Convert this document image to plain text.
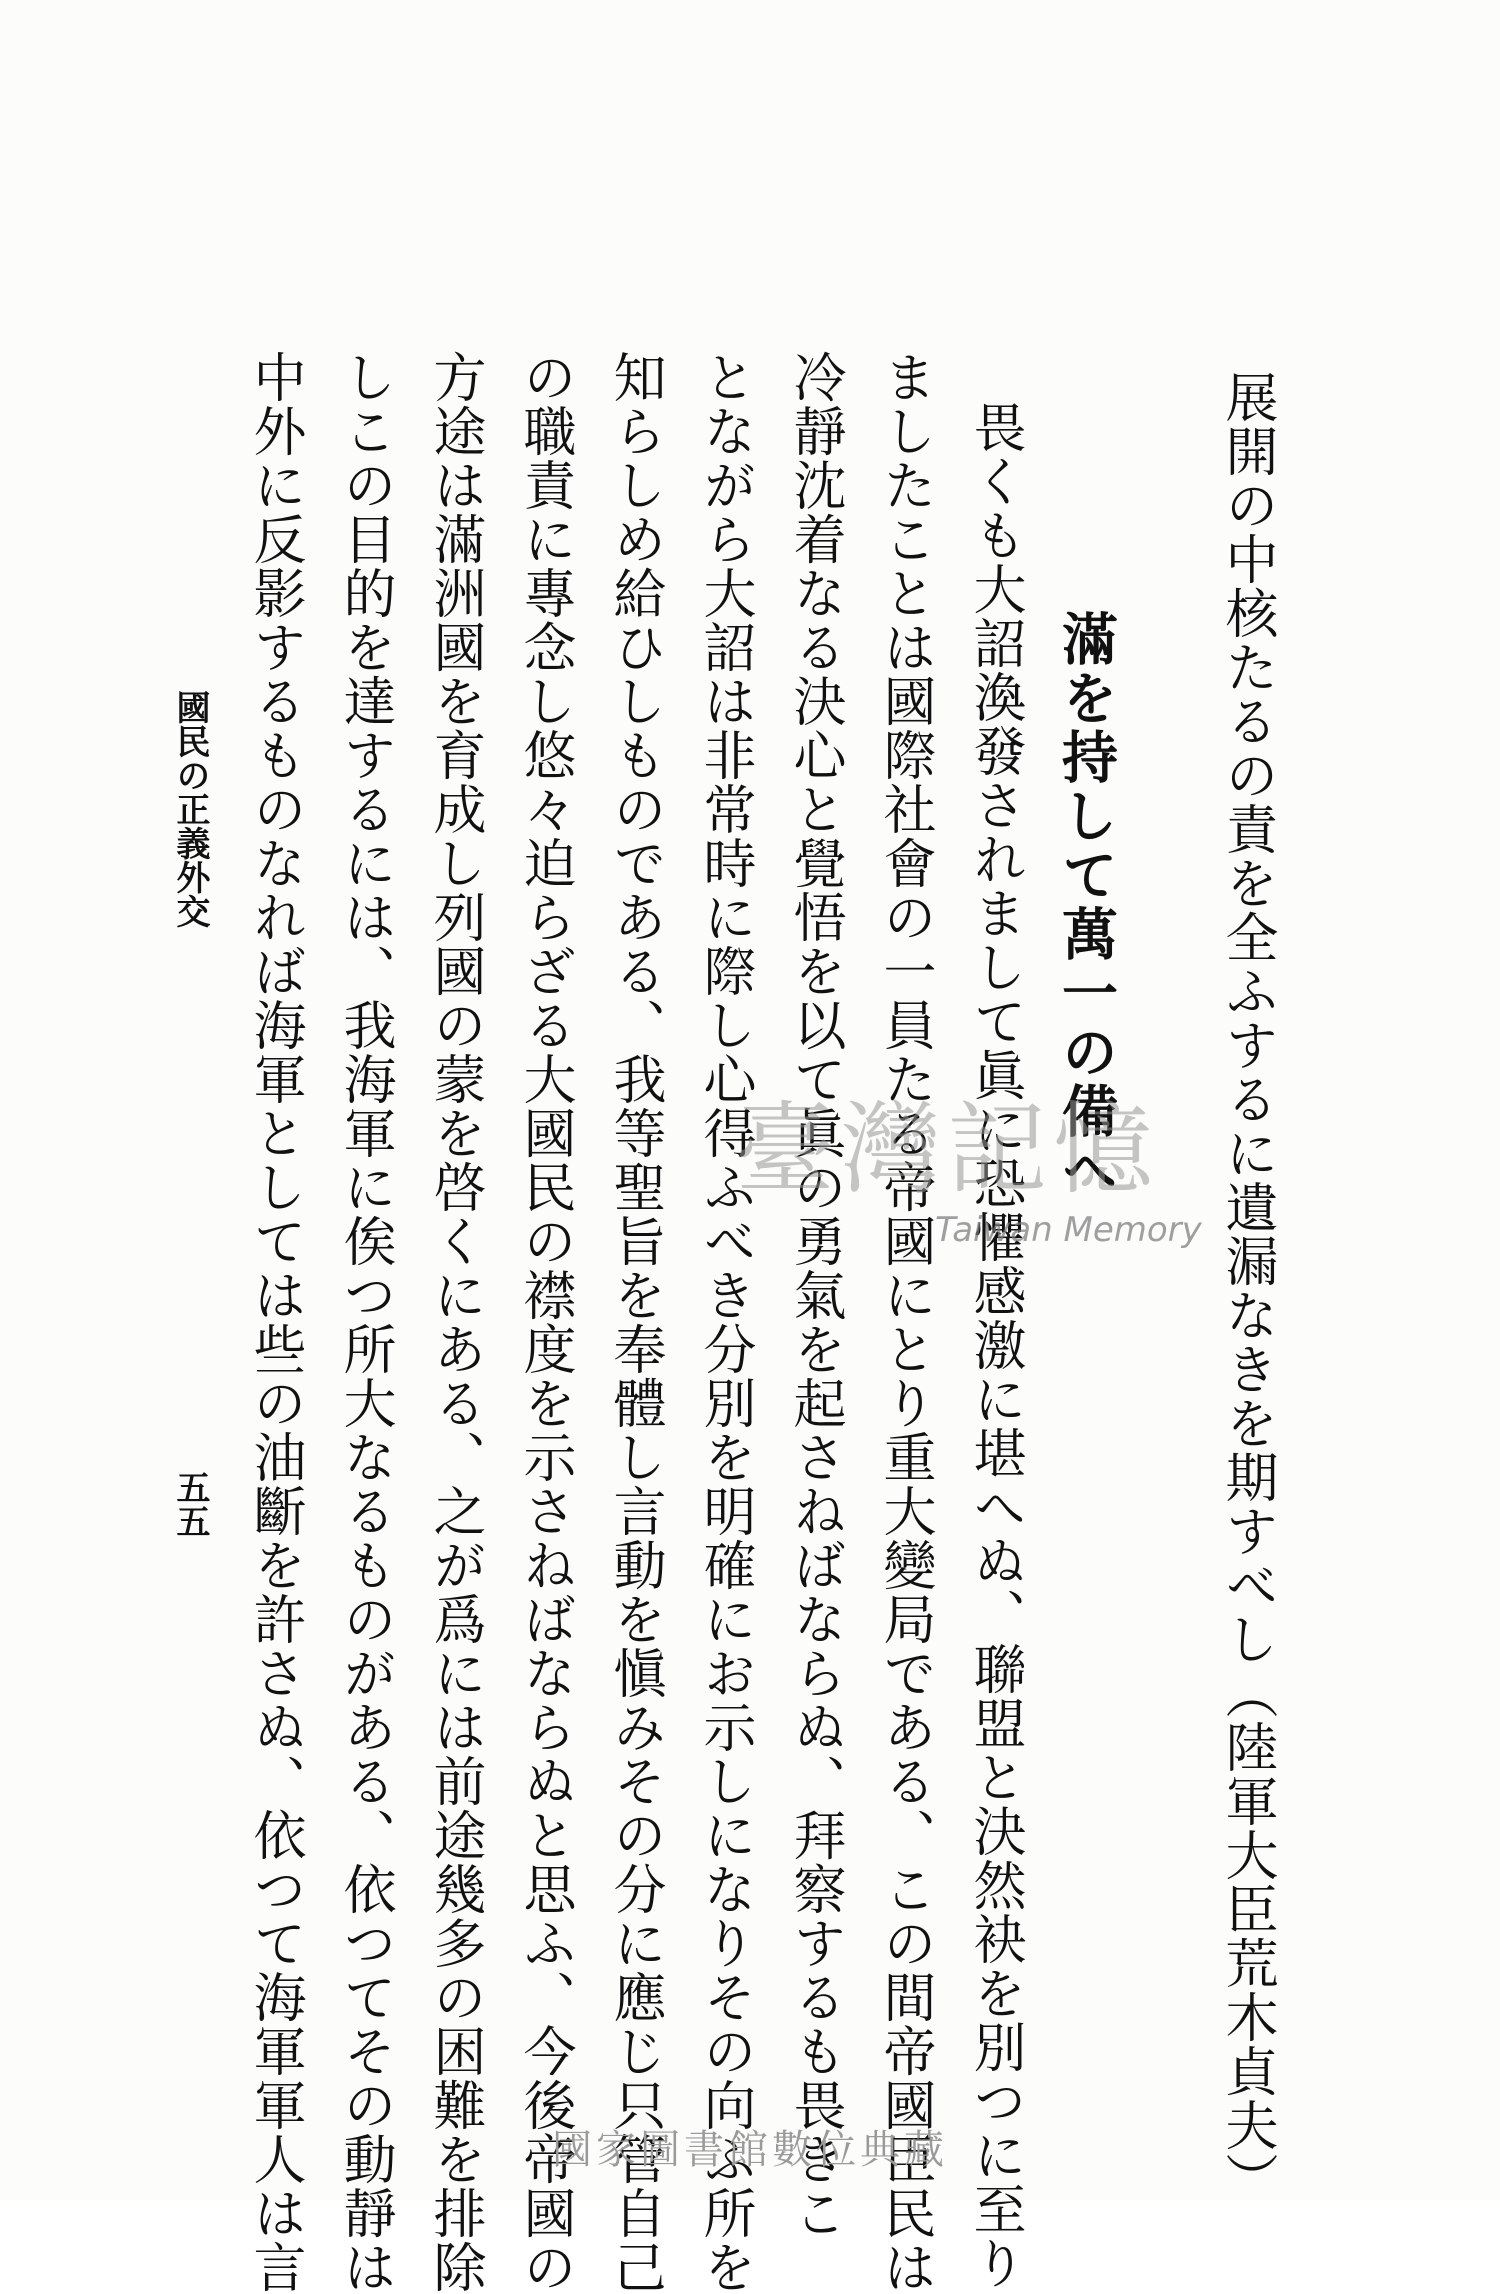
展開の中核たるの責を全ふするに遺漏なきを期すべし（陸軍大臣荒木貞夫）
滿を持して萬一の備へ
畏くも大詔渙發されまして眞に恐懼感激に堪へぬ、聯盟と決然袂を別つに至り
ましたことは國際社會の一員たる帝國にとり重大變局である、この間帝國臣民は
冷靜沈着なる決心と覺悟を以て眞の勇氣を起さねばならぬ、拜察するも畏きこ
とながら大詔は非常時に際し心得ふべき分別を明確にお示しになりその向ふ所を
知らしめ給ひしものである、我等聖旨を奉體し言動を愼みその分に應じ只管自己
の職責に專念し悠々迫らざる大國民の襟度を示さねばならぬと思ふ、今後帝國の
方途は滿洲國を育成し列國の蒙を啓くにある、之が爲には前途幾多の困難を排除
しこの目的を達するには、我海軍に俟つ所大なるものがある、依つてその動靜は
中外に反影するものなれば海軍としては些の油斷を許さぬ、依つて海軍軍人は言
國民の正義外交
五五
臺灣記憶
Taiwan Memory
國家圖書館數位典藏
